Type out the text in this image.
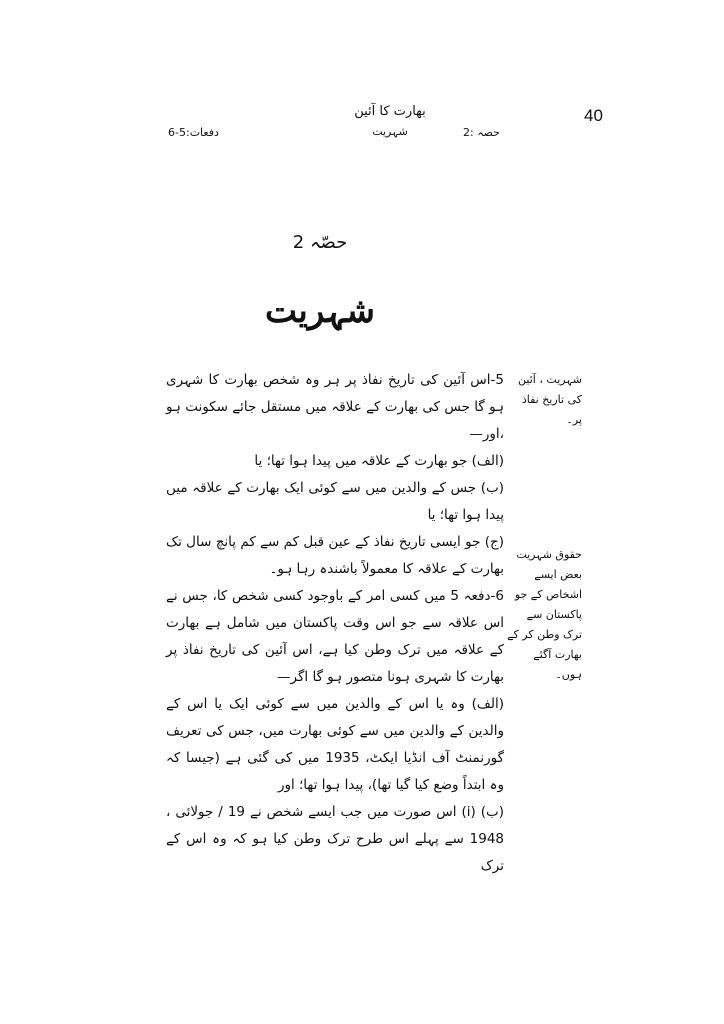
40
بھارت کا آئین
شہریت	حصہ :2
دفعات:5-6
حصّہ 2
شہریت
شہریت ، آئین کی تاریخ نفاذ پر۔
حقوق شہریت بعض ایسے اشخاص کے جو پاکستان سے ترک وطن کر کے بھارت آگئے ہوں۔

5-اس آئین کی تاریخ نفاذ پر ہر وہ شخص بھارت کا شہری ہو گا جس کی بھارت کے علاقہ میں مستقل جائے سکونت ہو ،اور—

(الف) جو بھارت کے علاقہ میں پیدا ہوا تھا؛ یا

(ب) جس کے والدین میں سے کوئی ایک بھارت کے علاقہ میں پیدا ہوا تھا؛ یا

(ج) جو ایسی تاریخ نفاذ کے عین قبل کم سے کم پانچ سال تک بھارت کے علاقہ کا معمولاً باشندہ رہا ہو۔

6-دفعہ 5 میں کسی امر کے باوجود کسی شخص کا، جس نے اس علاقہ سے جو اس وقت پاکستان میں شامل ہے بھارت کے علاقہ میں ترک وطن کیا ہے، اس آئین کی تاریخ نفاذ پر بھارت کا شہری ہونا متصور ہو گا اگر—

(الف) وہ یا اس کے والدین میں سے کوئی ایک یا اس کے والدین کے والدین میں سے کوئی بھارت میں، جس کی تعریف گورنمنٹ آف انڈیا ایکٹ، 1935 میں کی گئی ہے (جیسا کہ وہ ابتداً وضع کیا گیا تھا)، پیدا ہوا تھا؛ اور

(ب) (i) اس صورت میں جب ایسے شخص نے 19 / جولائی ، 1948 سے پہلے اس طرح ترک وطن کیا ہو کہ وہ اس کے ترک
